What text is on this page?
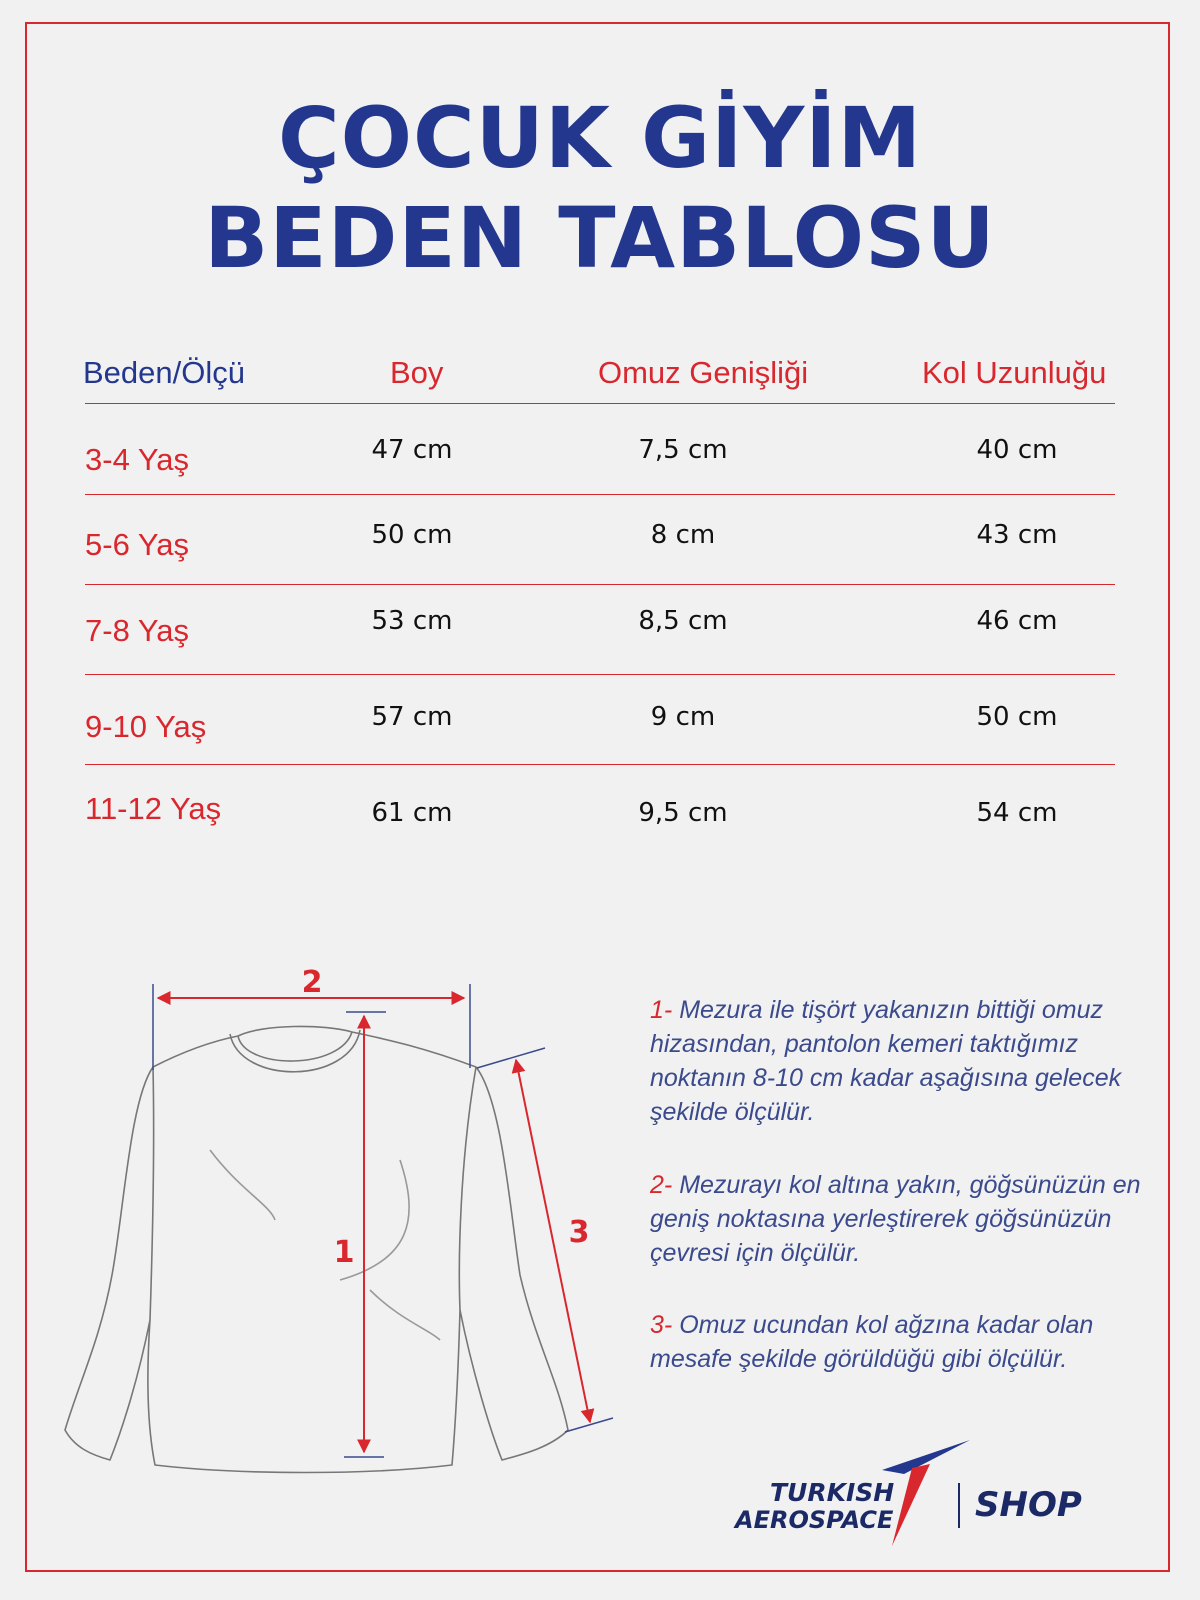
ÇOCUK GİYİM
BEDEN TABLOSU
Beden/Ölçü	Boy	Omuz Genişliği	Kol Uzunluğu
3-4 Yaş	47 cm	7,5 cm	40 cm
5-6 Yaş	50 cm	8 cm	43 cm
7-8 Yaş	53 cm	8,5 cm	46 cm
9-10 Yaş	57 cm	9 cm	50 cm
11-12 Yaş	61 cm	9,5 cm	54 cm
2
1
3
1- Mezura ile tişört yakanızın bittiği omuz hizasından, pantolon kemeri taktığımız noktanın 8-10 cm kadar aşağısına gelecek şekilde ölçülür.
2- Mezurayı kol altına yakın, göğsünüzün en geniş noktasına yerleştirerek göğsünüzün çevresi için ölçülür.
3- Omuz ucundan kol ağzına kadar olan mesafe şekilde görüldüğü gibi ölçülür.
TURKISH
AEROSPACE SHOP
